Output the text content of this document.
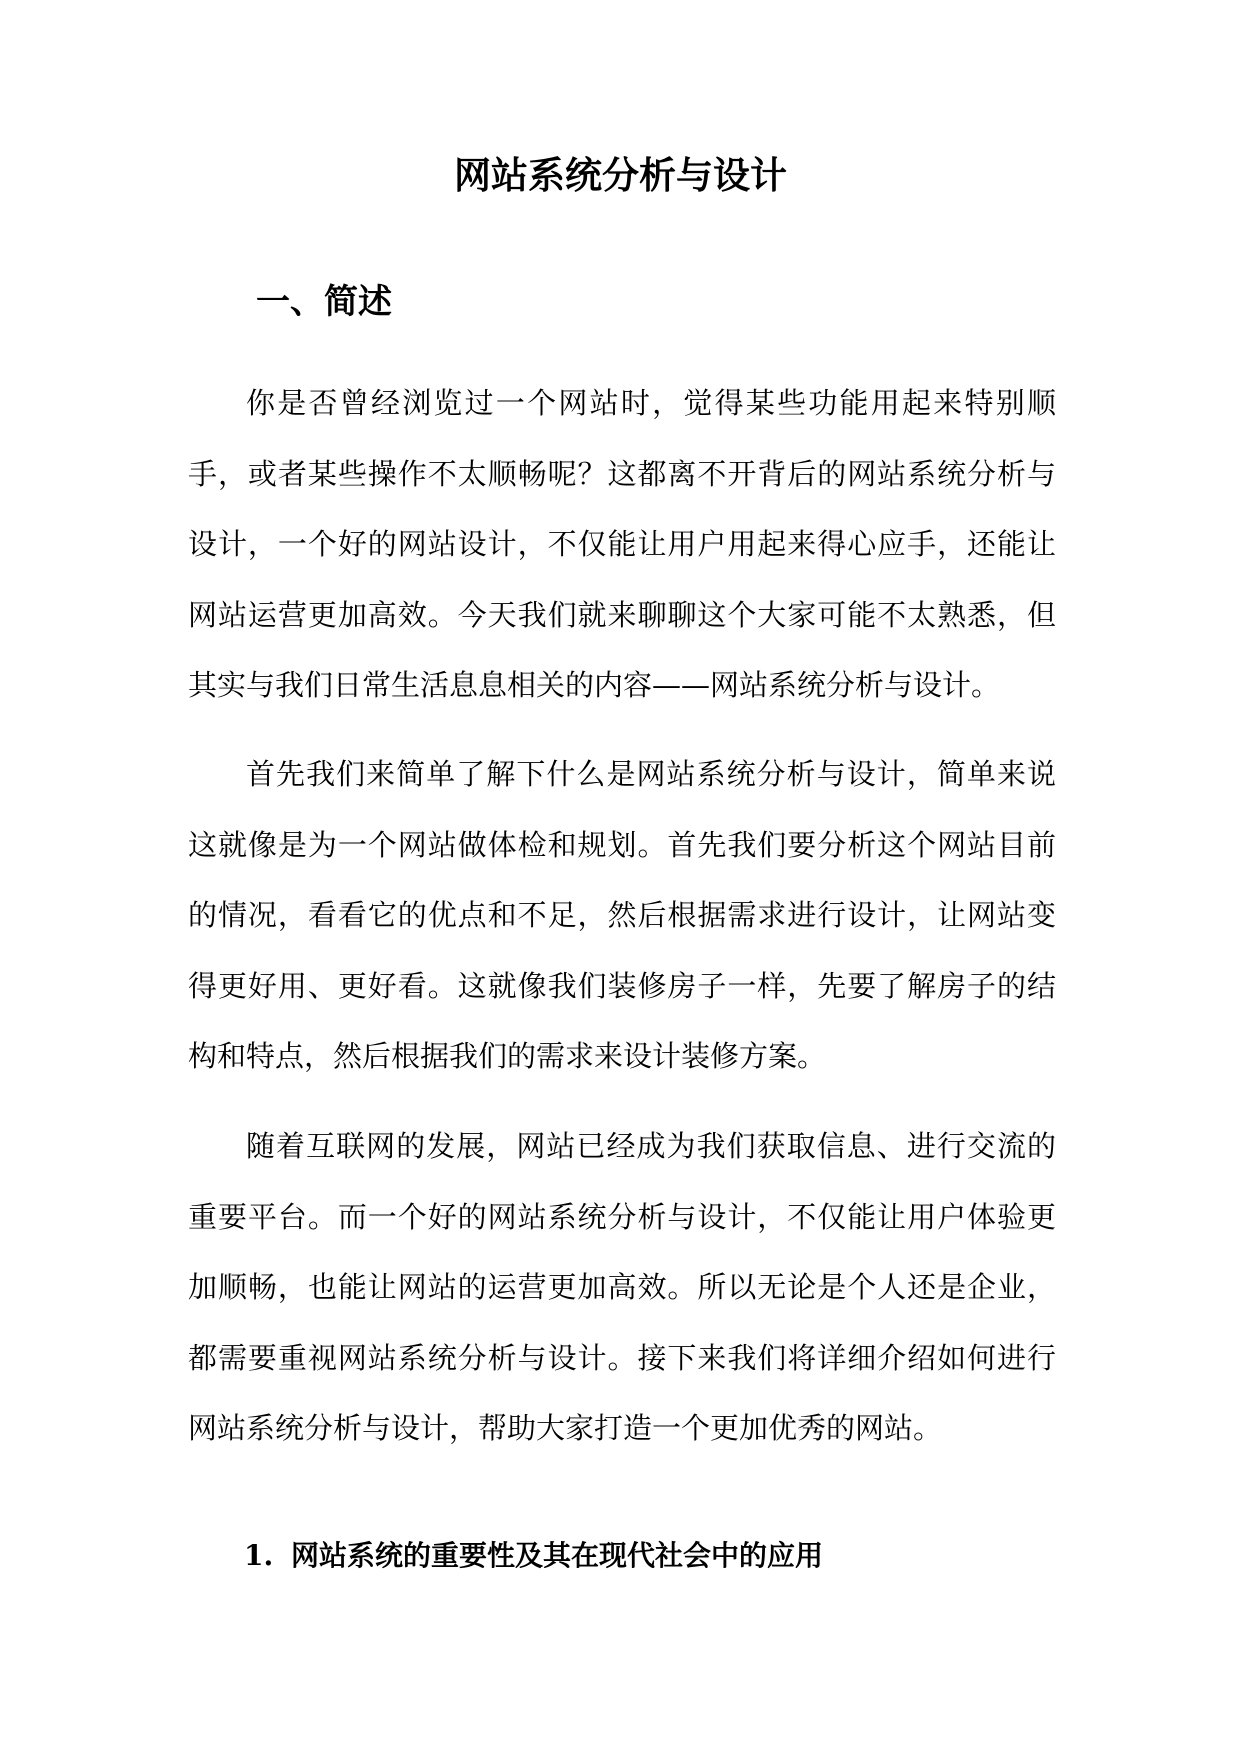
网站系统分析与设计
一、简述

你是否曾经浏览过一个网站时，觉得某些功能用起来特别顺手，或者某些操作不太顺畅呢？这都离不开背后的网站系统分析与设计，一个好的网站设计，不仅能让用户用起来得心应手，还能让网站运营更加高效。今天我们就来聊聊这个大家可能不太熟悉，但其实与我们日常生活息息相关的内容——网站系统分析与设计。

首先我们来简单了解下什么是网站系统分析与设计，简单来说这就像是为一个网站做体检和规划。首先我们要分析这个网站目前的情况，看看它的优点和不足，然后根据需求进行设计，让网站变得更好用、更好看。这就像我们装修房子一样，先要了解房子的结构和特点，然后根据我们的需求来设计装修方案。

随着互联网的发展，网站已经成为我们获取信息、进行交流的重要平台。而一个好的网站系统分析与设计，不仅能让用户体验更加顺畅，也能让网站的运营更加高效。所以无论是个人还是企业，都需要重视网站系统分析与设计。接下来我们将详细介绍如何进行网站系统分析与设计，帮助大家打造一个更加优秀的网站。

1. 网站系统的重要性及其在现代社会中的应用
